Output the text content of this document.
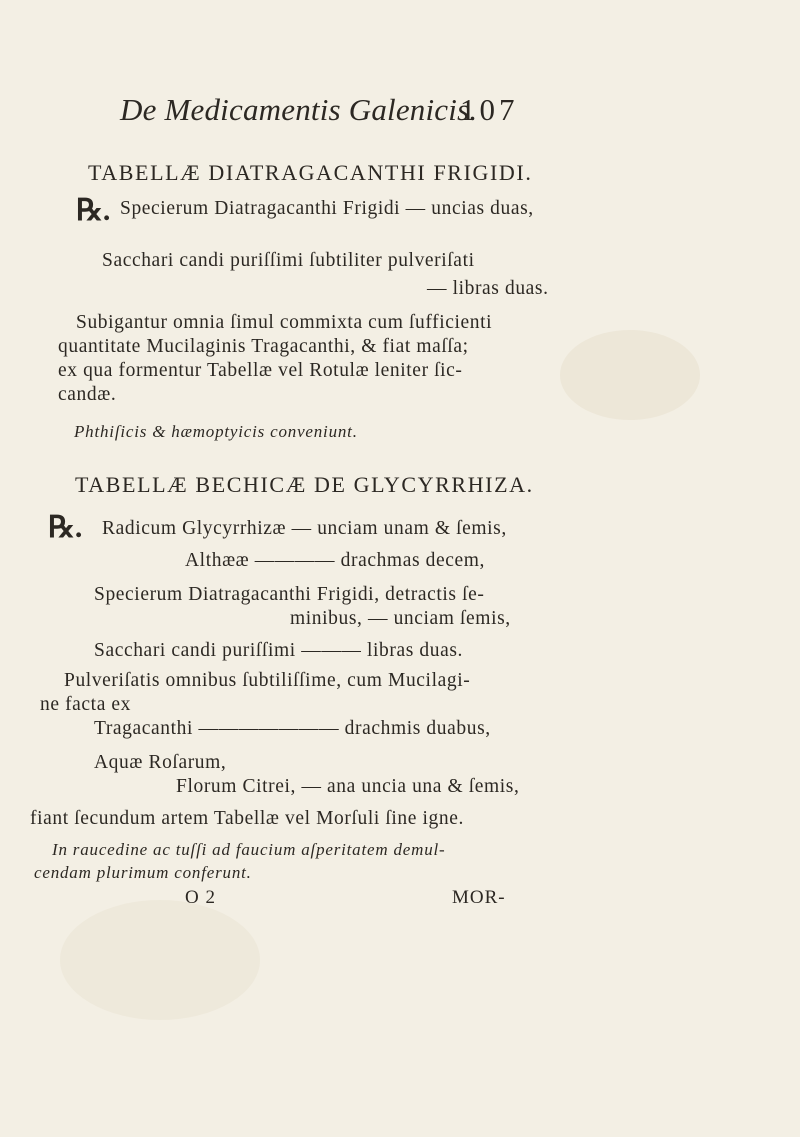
De Medicamentis Galenicis.
107
TABELLÆ DIATRAGACANTHI FRIGIDI.
℞. Specierum Diatragacanthi Frigidi — uncias duas,
Sacchari candi puriſſimi ſubtiliter pulveriſati
— libras duas.
Subigantur omnia ſimul commixta cum ſufficienti
quantitate Mucilaginis Tragacanthi, & fiat maſſa;
ex qua formentur Tabellæ vel Rotulæ leniter ſic-
candæ.
Phthiſicis & hæmoptyicis conveniunt.
TABELLÆ BECHICÆ DE GLYCYRRHIZA.
℞. Radicum Glycyrrhizæ — unciam unam & ſemis,
Althææ ———— drachmas decem,
Specierum Diatragacanthi Frigidi, detractis ſe-
minibus, — unciam ſemis,
Sacchari candi puriſſimi ——— libras duas.
Pulveriſatis omnibus ſubtiliſſime, cum Mucilagi-
ne facta ex
Tragacanthi ——————— drachmis duabus,
Aquæ Roſarum,
Florum Citrei, — ana uncia una & ſemis,
fiant ſecundum artem Tabellæ vel Morſuli ſine igne.
In raucedine ac tuſſi ad faucium aſperitatem demul-
cendam plurimum conferunt.
O 2	MOR-
